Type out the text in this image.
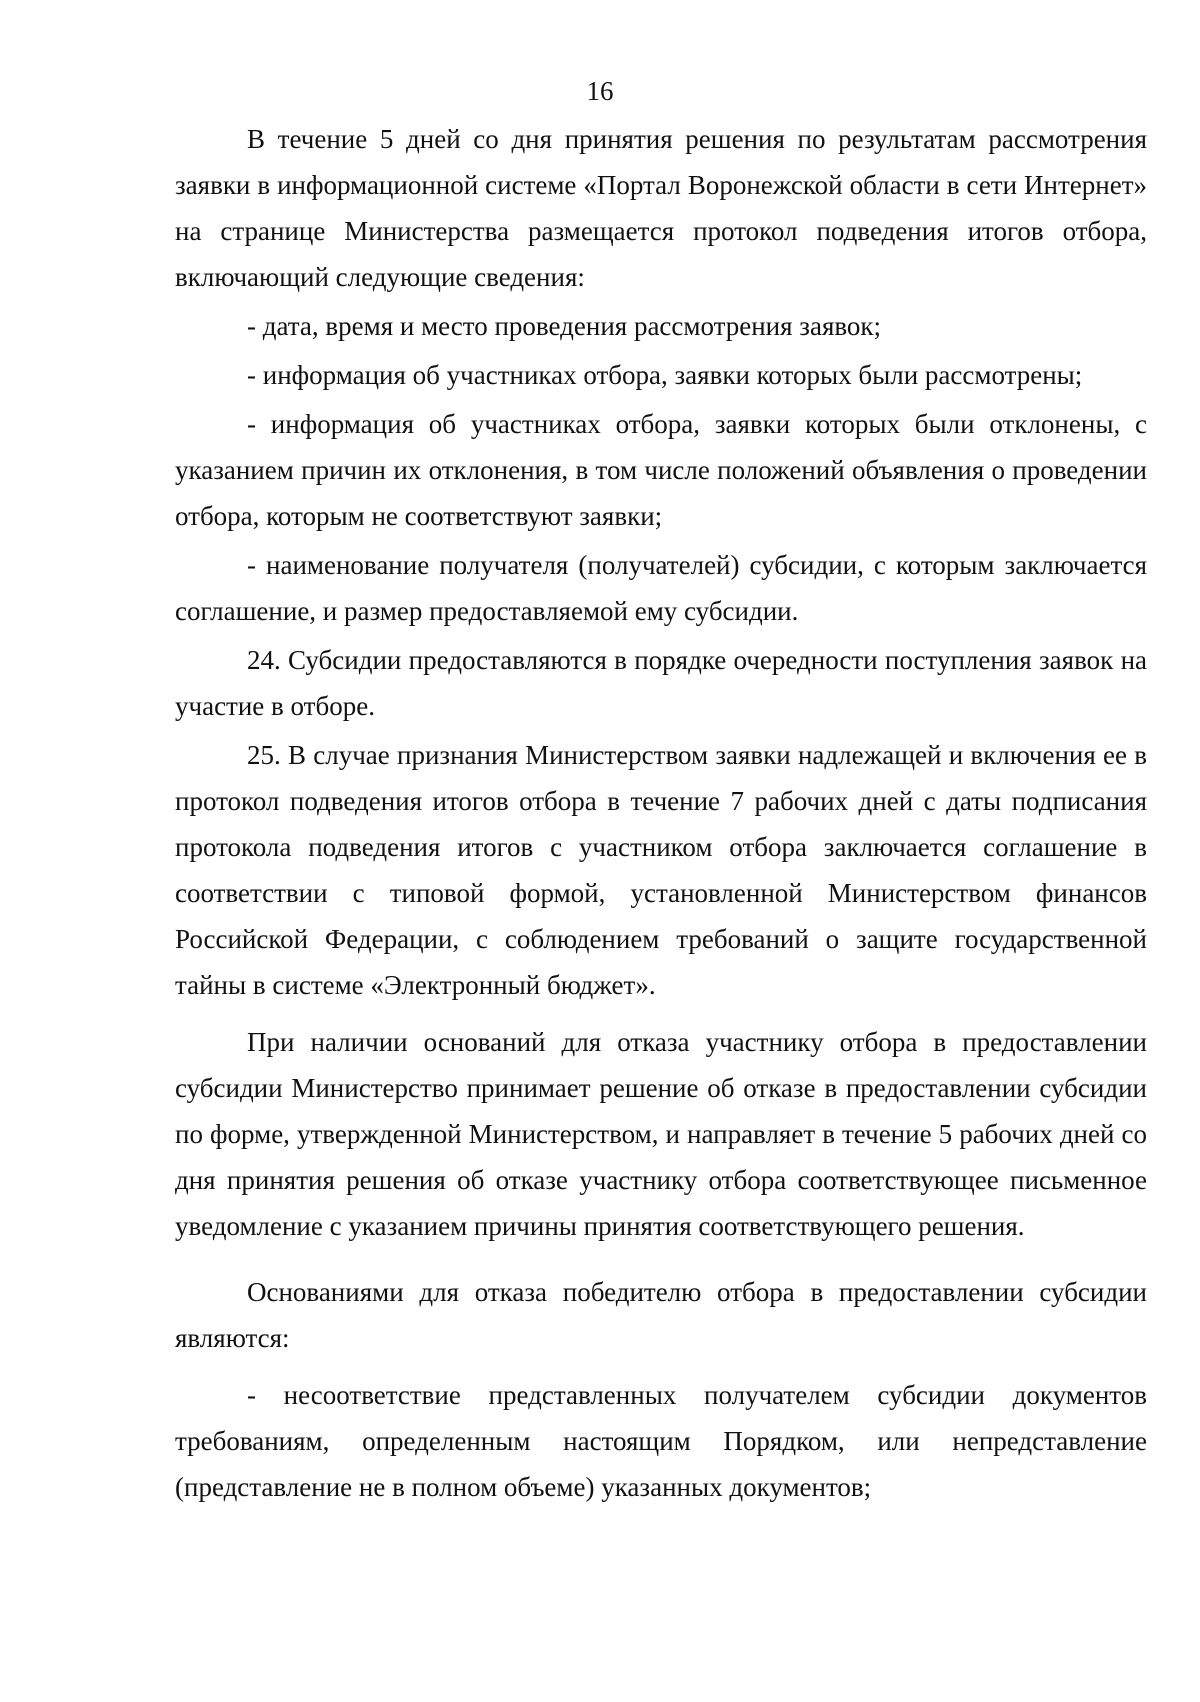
16

В течение 5 дней со дня принятия решения по результатам рассмотрения заявки в информационной системе «Портал Воронежской области в сети Интернет» на странице Министерства размещается протокол подведения итогов отбора, включающий следующие сведения:

- дата, время и место проведения рассмотрения заявок;

- информация об участниках отбора, заявки которых были рассмотрены;

- информация об участниках отбора, заявки которых были отклонены, с указанием причин их отклонения, в том числе положений объявления о проведении отбора, которым не соответствуют заявки;

- наименование получателя (получателей) субсидии, с которым заключается соглашение, и размер предоставляемой ему субсидии.

24. Субсидии предоставляются в порядке очередности поступления заявок на участие в отборе.

25. В случае признания Министерством заявки надлежащей и включения ее в протокол подведения итогов отбора в течение 7 рабочих дней с даты подписания протокола подведения итогов с участником отбора заключается соглашение в соответствии с типовой формой, установленной Министерством финансов Российской Федерации, с соблюдением требований о защите государственной тайны в системе «Электронный бюджет».

При наличии оснований для отказа участнику отбора в предоставлении субсидии Министерство принимает решение об отказе в предоставлении субсидии по форме, утвержденной Министерством, и направляет в течение 5 рабочих дней со дня принятия решения об отказе участнику отбора соответствующее письменное уведомление с указанием причины принятия соответствующего решения.

Основаниями для отказа победителю отбора в предоставлении субсидии являются:

- несоответствие представленных получателем субсидии документов требованиям, определенным настоящим Порядком, или непредставление (представление не в полном объеме) указанных документов;
